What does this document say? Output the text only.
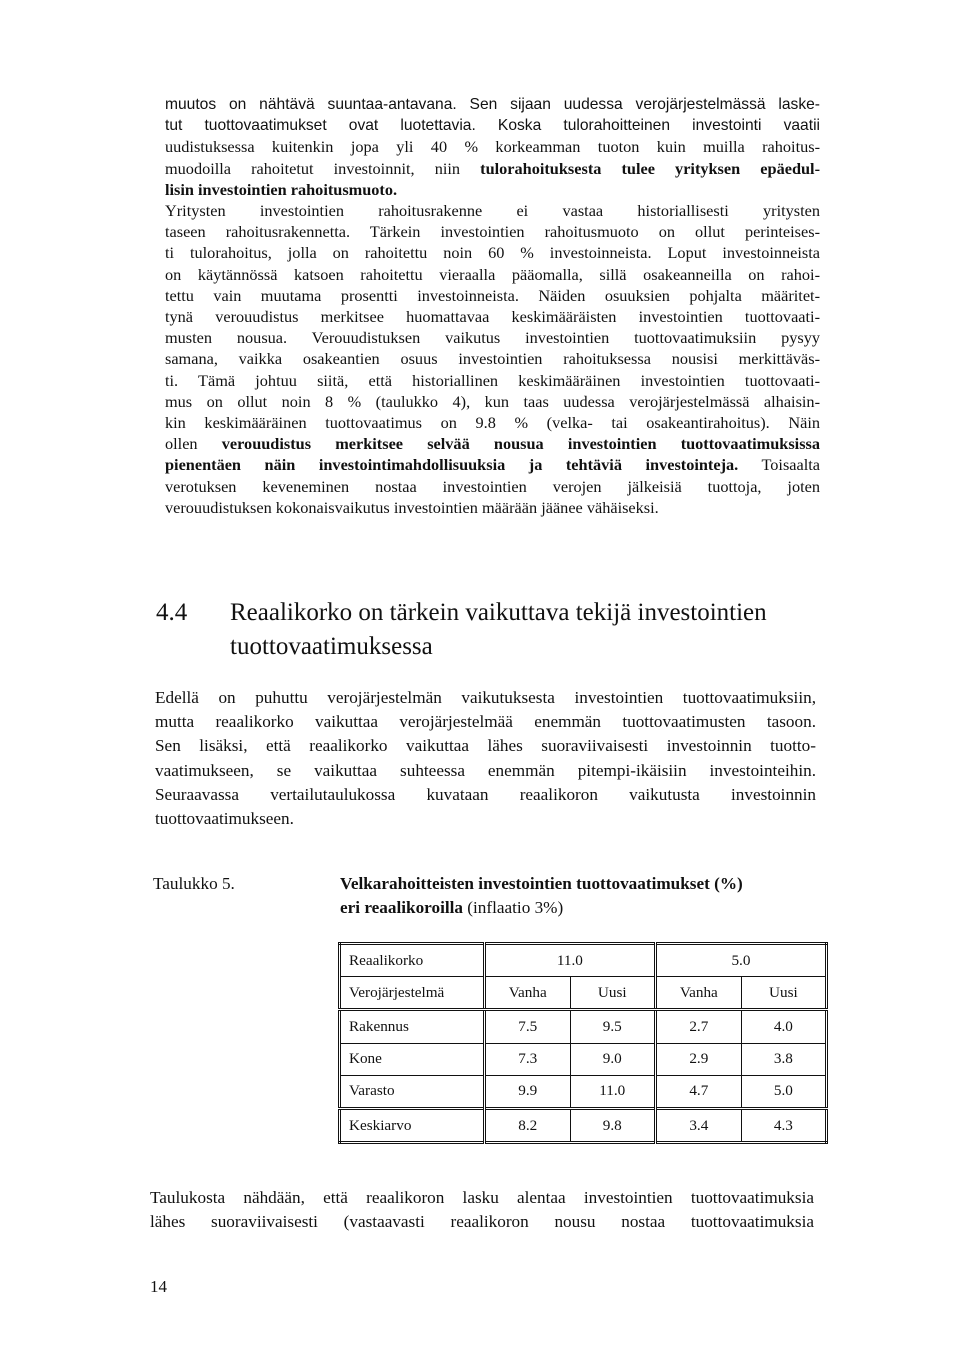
muutos on nähtävä suuntaa-antavana. Sen sijaan uudessa verojärjestelmässä laske-
tut tuottovaatimukset ovat luotettavia. Koska tulorahoitteinen investointi vaatii
uudistuksessa kuitenkin jopa yli 40 % korkeamman tuoton kuin muilla rahoitus-
muodoilla rahoitetut investoinnit, niin tulorahoituksesta tulee yrityksen epäedul-
lisin investointien rahoitusmuoto.
Yritysten investointien rahoitusrakenne ei vastaa historiallisesti yritysten
taseen rahoitusrakennetta. Tärkein investointien rahoitusmuoto on ollut perinteises-
ti tulorahoitus, jolla on rahoitettu noin 60 % investoinneista. Loput investoinneista
on käytännössä katsoen rahoitettu vieraalla pääomalla, sillä osakeanneilla on rahoi-
tettu vain muutama prosentti investoinneista. Näiden osuuksien pohjalta määritet-
tynä verouudistus merkitsee huomattavaa keskimääräisten investointien tuottovaati-
musten nousua. Verouudistuksen vaikutus investointien tuottovaatimuksiin pysyy
samana, vaikka osakeantien osuus investointien rahoituksessa nousisi merkittäväs-
ti. Tämä johtuu siitä, että historiallinen keskimääräinen investointien tuottovaati-
mus on ollut noin 8 % (taulukko 4), kun taas uudessa verojärjestelmässä alhaisin-
kin keskimääräinen tuottovaatimus on 9.8 % (velka- tai osakeantirahoitus). Näin
ollen verouudistus merkitsee selvää nousua investointien tuottovaatimuksissa
pienentäen näin investointimahdollisuuksia ja tehtäviä investointeja. Toisaalta
verotuksen keveneminen nostaa investointien verojen jälkeisiä tuottoja, joten
verouudistuksen kokonaisvaikutus investointien määrään jäänee vähäiseksi.
4.4 Reaalikorko on tärkein vaikuttava tekijä investointien
tuottovaatimuksessa
Edellä on puhuttu verojärjestelmän vaikutuksesta investointien tuottovaatimuksiin,
mutta reaalikorko vaikuttaa verojärjestelmää enemmän tuottovaatimusten tasoon.
Sen lisäksi, että reaalikorko vaikuttaa lähes suoraviivaisesti investoinnin tuotto-
vaatimukseen, se vaikuttaa suhteessa enemmän pitempi-ikäisiin investointeihin.
Seuraavassa vertailutaulukossa kuvataan reaalikoron vaikutusta investoinnin
tuottovaatimukseen.
Taulukko 5.	Velkarahoitteisten investointien tuottovaatimukset (%)
eri reaalikoroilla (inflaatio 3%)
Reaalikorko	11.0		5.0	
Verojärjestelmä	Vanha	Uusi	Vanha	Uusi
Rakennus	7.5	9.5	2.7	4.0
Kone	7.3	9.0	2.9	3.8
Varasto	9.9	11.0	4.7	5.0
Keskiarvo	8.2	9.8	3.4	4.3
Taulukosta nähdään, että reaalikoron lasku alentaa investointien tuottovaatimuksia
lähes suoraviivaisesti (vastaavasti reaalikoron nousu nostaa tuottovaatimuksia
14
